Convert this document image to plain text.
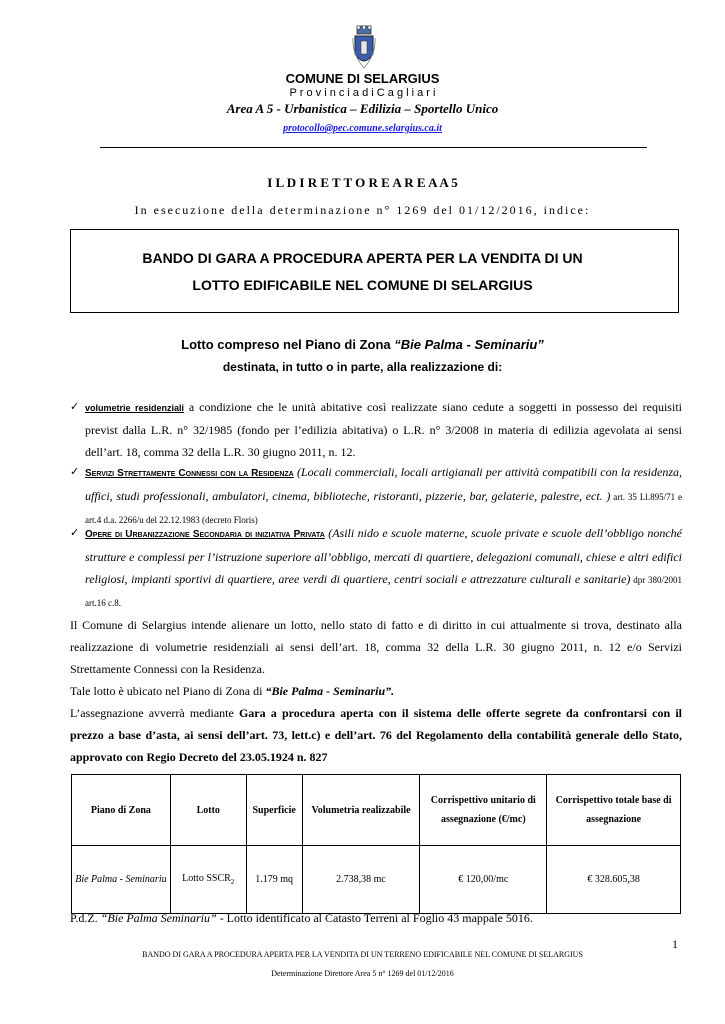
COMUNE DI SELARGIUS
P r o v i n c i a d i C a g l i a r i
Area A 5 - Urbanistica – Edilizia – Sportello Unico
protocollo@pec.comune.selargius.ca.it
I L D I R E T T O R E A R E A A 5
In esecuzione della determinazione n° 1269 del 01/12/2016, indice:
BANDO DI GARA A PROCEDURA APERTA PER LA VENDITA DI UN
LOTTO EDIFICABILE NEL COMUNE DI SELARGIUS
Lotto compreso nel Piano di Zona “Bie Palma - Seminariu”
destinata, in tutto o in parte, alla realizzazione di:
✓ volumetrie residenziali a condizione che le unità abitative così realizzate siano cedute a soggetti in possesso dei requisiti previst dalla L.R. n° 32/1985 (fondo per l’edilizia abitativa) o L.R. n° 3/2008 in materia di edilizia agevolata ai sensi dell’art. 18, comma 32 della L.R. 30 giugno 2011, n. 12.
✓ Servizi Strettamente Connessi con la Residenza (Locali commerciali, locali artigianali per attività compatibili con la residenza, uffici, studi professionali, ambulatori, cinema, biblioteche, ristoranti, pizzerie, bar, gelaterie, palestre, ect. ) art. 35 Ll.895/71 e art.4 d.a. 2266/u del 22.12.1983 (decreto Floris)
✓ Opere di Urbanizzazione Secondaria di iniziativa Privata (Asili nido e scuole materne, scuole private e scuole dell’obbligo nonché strutture e complessi per l’istruzione superiore all’obbligo, mercati di quartiere, delegazioni comunali, chiese e altri edifici religiosi, impianti sportivi di quartiere, aree verdi di quartiere, centri sociali e attrezzature culturali e sanitarie) dpr 380/2001 art.16 c.8.
Il Comune di Selargius intende alienare un lotto, nello stato di fatto e di diritto in cui attualmente si trova, destinato alla realizzazione di volumetrie residenziali ai sensi dell’art. 18, comma 32 della L.R. 30 giugno 2011, n. 12 e/o Servizi Strettamente Connessi con la Residenza.
Tale lotto è ubicato nel Piano di Zona di “Bie Palma - Seminariu”.
L’assegnazione avverrà mediante Gara a procedura aperta con il sistema delle offerte segrete da confrontarsi con il prezzo a base d’asta, ai sensi dell’art. 73, lett.c) e dell’art. 76 del Regolamento della contabilità generale dello Stato, approvato con Regio Decreto del 23.05.1924 n. 827
Piano di Zona	Lotto	Superficie	Volumetria realizzabile	Corrispettivo unitario di assegnazione (€/mc)	Corrispettivo totale base di assegnazione
Bie Palma - Seminariu	Lotto $SSCR_2$	1.179 mq	2.738,38 mc	€ 120,00/mc	€ 328.605,38
P.d.Z. “Bie Palma Seminariu” - Lotto identificato al Catasto Terreni al Foglio 43 mappale 5016.
1
BANDO DI GARA A PROCEDURA APERTA PER LA VENDITA DI UN TERRENO EDIFICABILE NEL COMUNE DI SELARGIUS
Determinazione Direttore Area 5 n° 1269 del 01/12/2016
